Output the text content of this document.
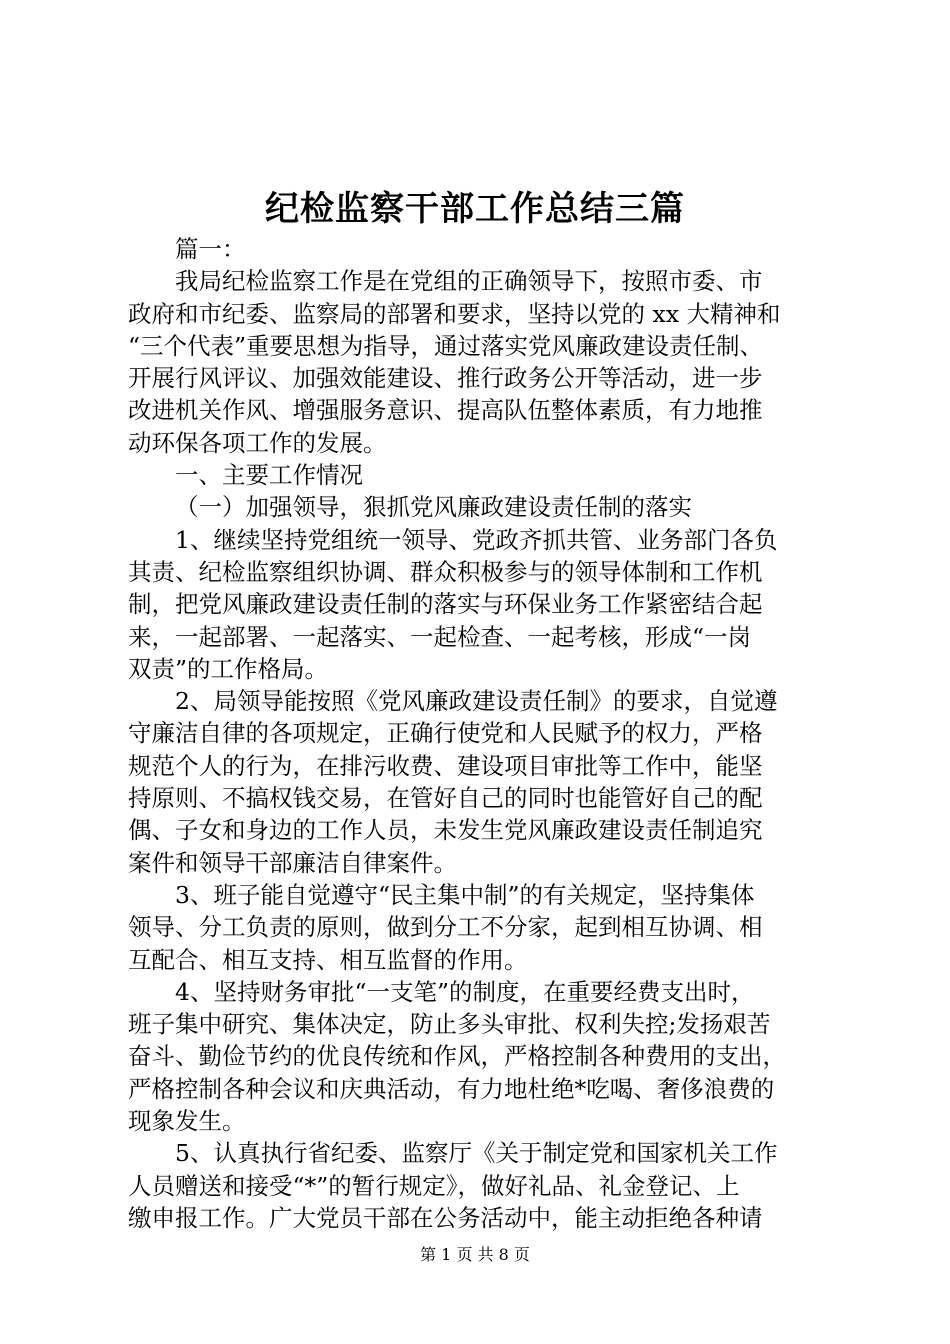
纪检监察干部工作总结三篇
篇一：
我局纪检监察工作是在党组的正确领导下，按照市委、市
政府和市纪委、监察局的部署和要求，坚持以党的 xx 大精神和
“三个代表”重要思想为指导，通过落实党风廉政建设责任制、
开展行风评议、加强效能建设、推行政务公开等活动，进一步
改进机关作风、增强服务意识、提高队伍整体素质，有力地推
动环保各项工作的发展。
一、主要工作情况
（一）加强领导，狠抓党风廉政建设责任制的落实
1、继续坚持党组统一领导、党政齐抓共管、业务部门各负
其责、纪检监察组织协调、群众积极参与的领导体制和工作机
制，把党风廉政建设责任制的落实与环保业务工作紧密结合起
来，一起部署、一起落实、一起检查、一起考核，形成“一岗
双责”的工作格局。
2、局领导能按照《党风廉政建设责任制》的要求，自觉遵
守廉洁自律的各项规定，正确行使党和人民赋予的权力，严格
规范个人的行为，在排污收费、建设项目审批等工作中，能坚
持原则、不搞权钱交易，在管好自己的同时也能管好自己的配
偶、子女和身边的工作人员，未发生党风廉政建设责任制追究
案件和领导干部廉洁自律案件。
3、班子能自觉遵守“民主集中制”的有关规定，坚持集体
领导、分工负责的原则，做到分工不分家，起到相互协调、相
互配合、相互支持、相互监督的作用。
4、坚持财务审批“一支笔”的制度，在重要经费支出时，
班子集中研究、集体决定，防止多头审批、权利失控;发扬艰苦
奋斗、勤俭节约的优良传统和作风，严格控制各种费用的支出，
严格控制各种会议和庆典活动，有力地杜绝*吃喝、奢侈浪费的
现象发生。
5、认真执行省纪委、监察厅《关于制定党和国家机关工作
人员赠送和接受“*”的暂行规定》，做好礼品、礼金登记、上
缴申报工作。广大党员干部在公务活动中，能主动拒绝各种请
第 1 页 共 8 页
